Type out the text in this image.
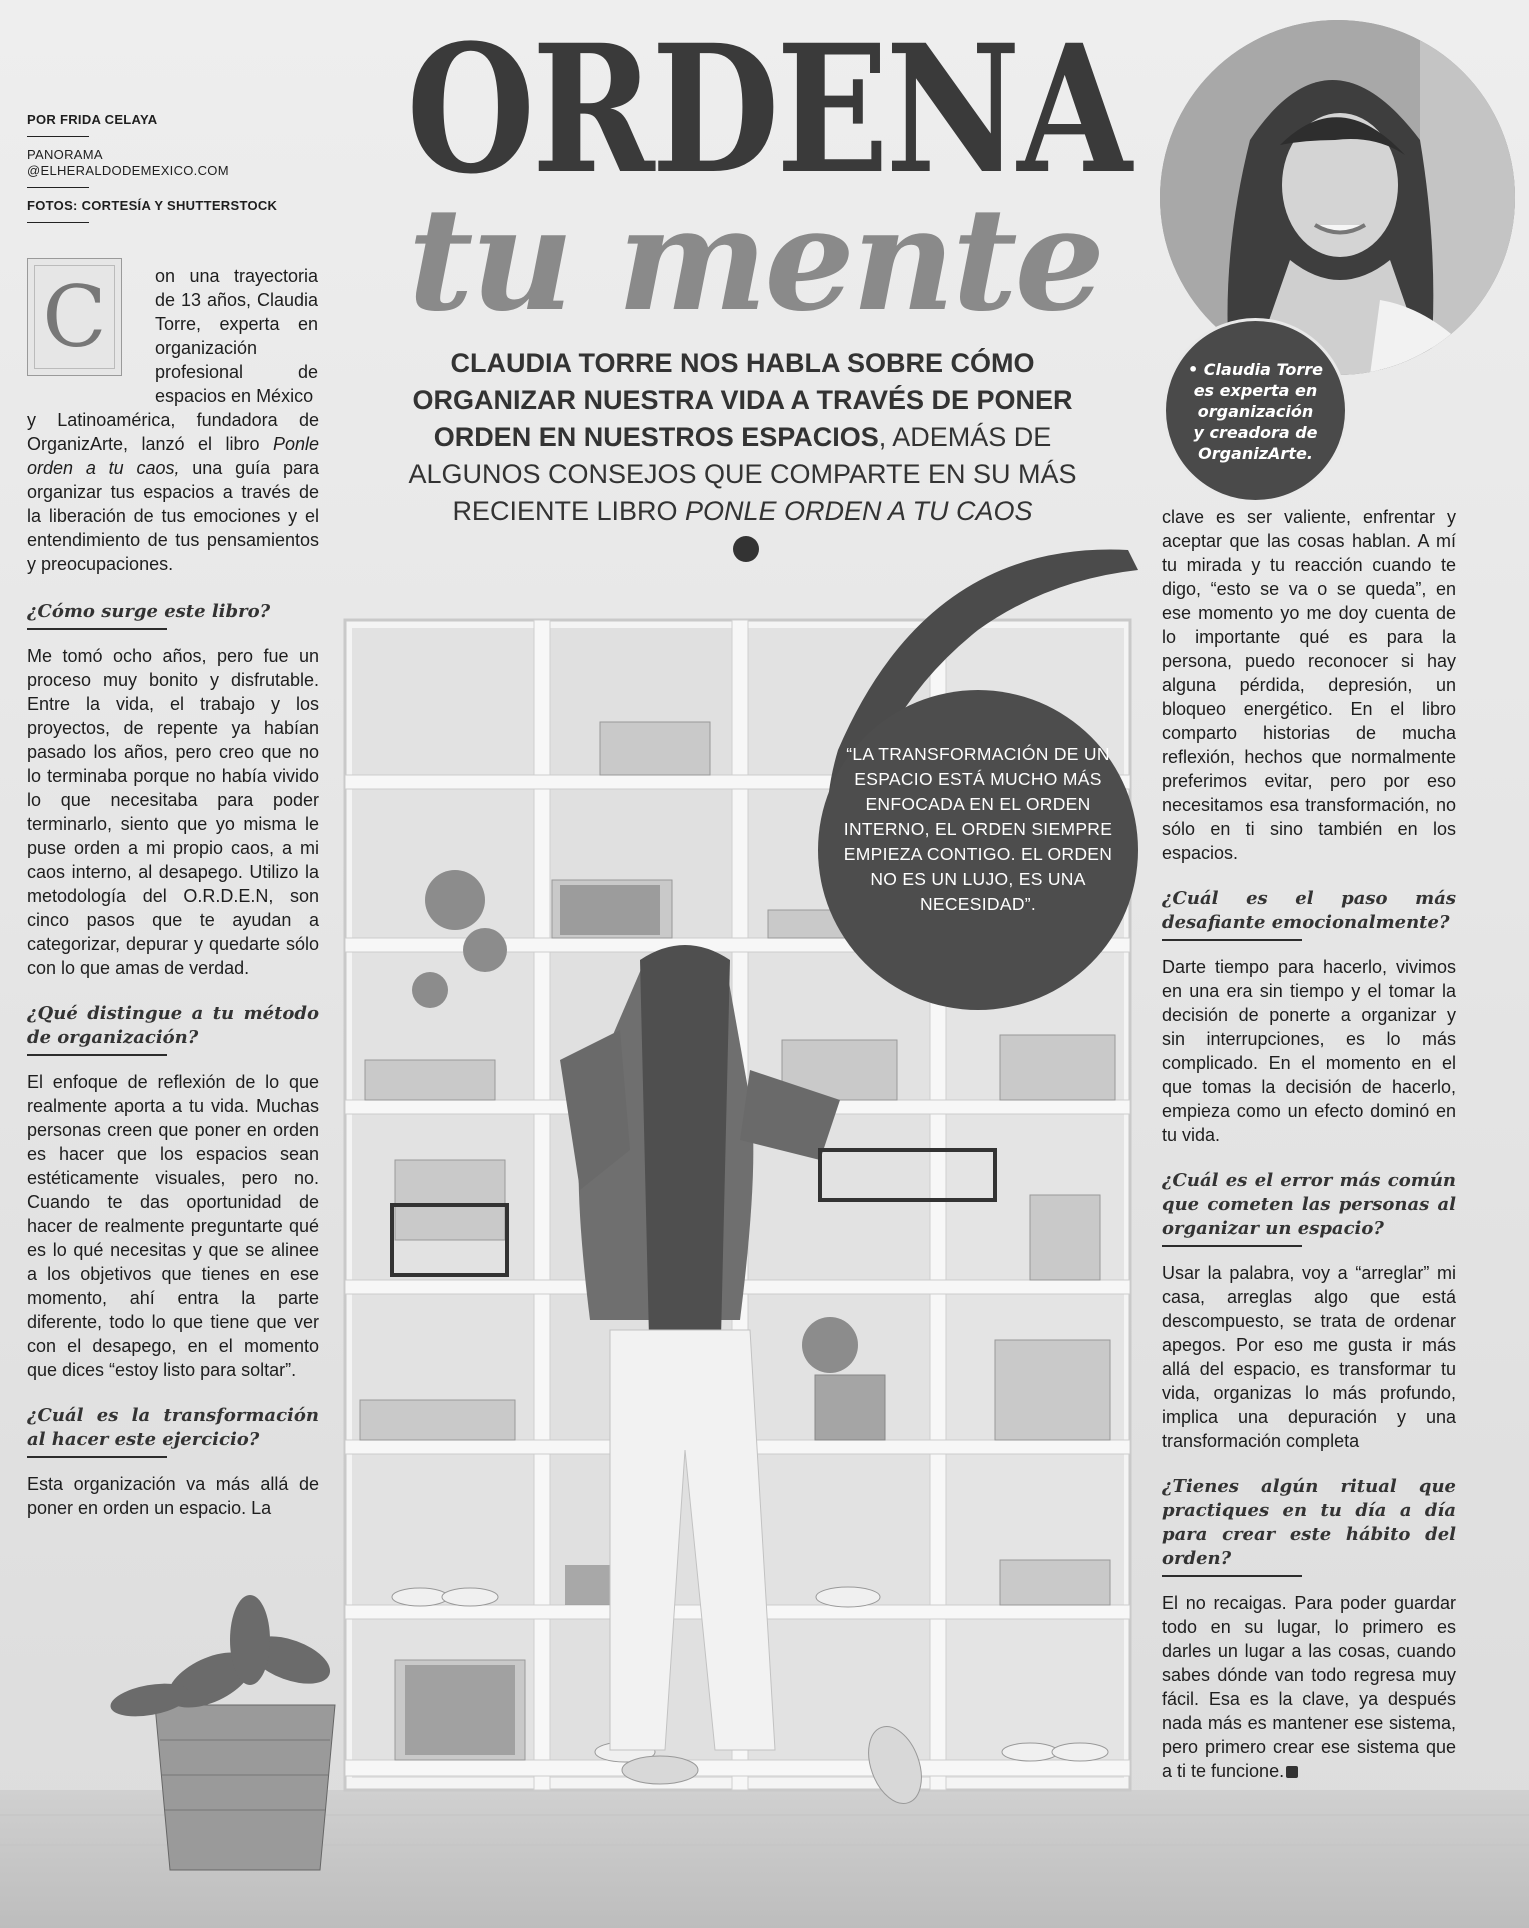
POR FRIDA CELAYA
PANORAMA
@ELHERALDODEMEXICO.COM
FOTOS: CORTESÍA Y SHUTTERSTOCK ORDENA
tu mente
CLAUDIA TORRE NOS HABLA SOBRE CÓMO ORGANIZAR NUESTRA VIDA A TRAVÉS DE PONER ORDEN EN NUESTROS ESPACIOS, ADEMÁS DE ALGUNOS CONSEJOS QUE COMPARTE EN SU MÁS RECIENTE LIBRO PONLE ORDEN A TU CAOS
• Claudia Torre
es experta en
organización
y creadora de
OrganizArte.
“LA TRANSFORMACIÓN DE UN ESPACIO ESTÁ MUCHO MÁS ENFOCADA EN EL ORDEN INTERNO, EL ORDEN SIEMPRE EMPIEZA CONTIGO. EL ORDEN NO ES UN LUJO, ES UNA NECESIDAD”.
C	on una trayectoria de 13 años, Claudia Torre, experta en organización profesional de espacios en México
y Latinoamérica, fundadora de OrganizArte, lanzó el libro Ponle orden a tu caos, una guía para organizar tus espacios a través de la liberación de tus emociones y el entendimiento de tus pensamientos y preocupaciones.
¿Cómo surge este libro?

Me tomó ocho años, pero fue un proceso muy bonito y disfrutable. Entre la vida, el trabajo y los proyectos, de repente ya habían pasado los años, pero creo que no lo terminaba porque no había vivido lo que necesitaba para poder terminarlo, siento que yo misma le puse orden a mi propio caos, a mi caos interno, al desapego. Utilizo la metodología del O.R.D.E.N, son cinco pasos que te ayudan a categorizar, depurar y quedarte sólo con lo que amas de verdad.

¿Qué distingue a tu método de organización?

El enfoque de reflexión de lo que realmente aporta a tu vida. Muchas personas creen que poner en orden es hacer que los espacios sean estéticamente visuales, pero no. Cuando te das oportunidad de hacer de realmente preguntarte qué es lo qué necesitas y que se alinee a los objetivos que tienes en ese momento, ahí entra la parte diferente, todo lo que tiene que ver con el desapego, en el momento que dices “estoy listo para soltar”.

¿Cuál es la transformación al hacer este ejercicio?

Esta organización va más allá de poner en orden un espacio. La

clave es ser valiente, enfrentar y aceptar que las cosas hablan. A mí tu mirada y tu reacción cuando te digo, “esto se va o se queda”, en ese momento yo me doy cuenta de lo importante qué es para la persona, puedo reconocer si hay alguna pérdida, depresión, un bloqueo energético. En el libro comparto historias de mucha reflexión, hechos que normalmente preferimos evitar, pero por eso necesitamos esa transformación, no sólo en ti sino también en los espacios.

¿Cuál es el paso más desafiante emocionalmente?

Darte tiempo para hacerlo, vivimos en una era sin tiempo y el tomar la decisión de ponerte a organizar y sin interrupciones, es lo más complicado. En el momento en el que tomas la decisión de hacerlo, empieza como un efecto dominó en tu vida.

¿Cuál es el error más común que cometen las personas al organizar un espacio?

Usar la palabra, voy a “arreglar” mi casa, arreglas algo que está descompuesto, se trata de ordenar apegos. Por eso me gusta ir más allá del espacio, es transformar tu vida, organizas lo más profundo, implica una depuración y una transformación completa

¿Tienes algún ritual que practiques en tu día a día para crear este hábito del orden?

El no recaigas. Para poder guardar todo en su lugar, lo primero es darles un lugar a las cosas, cuando sabes dónde van todo regresa muy fácil. Esa es la clave, ya después nada más es mantener ese sistema, pero primero crear ese sistema que a ti te funcione.
